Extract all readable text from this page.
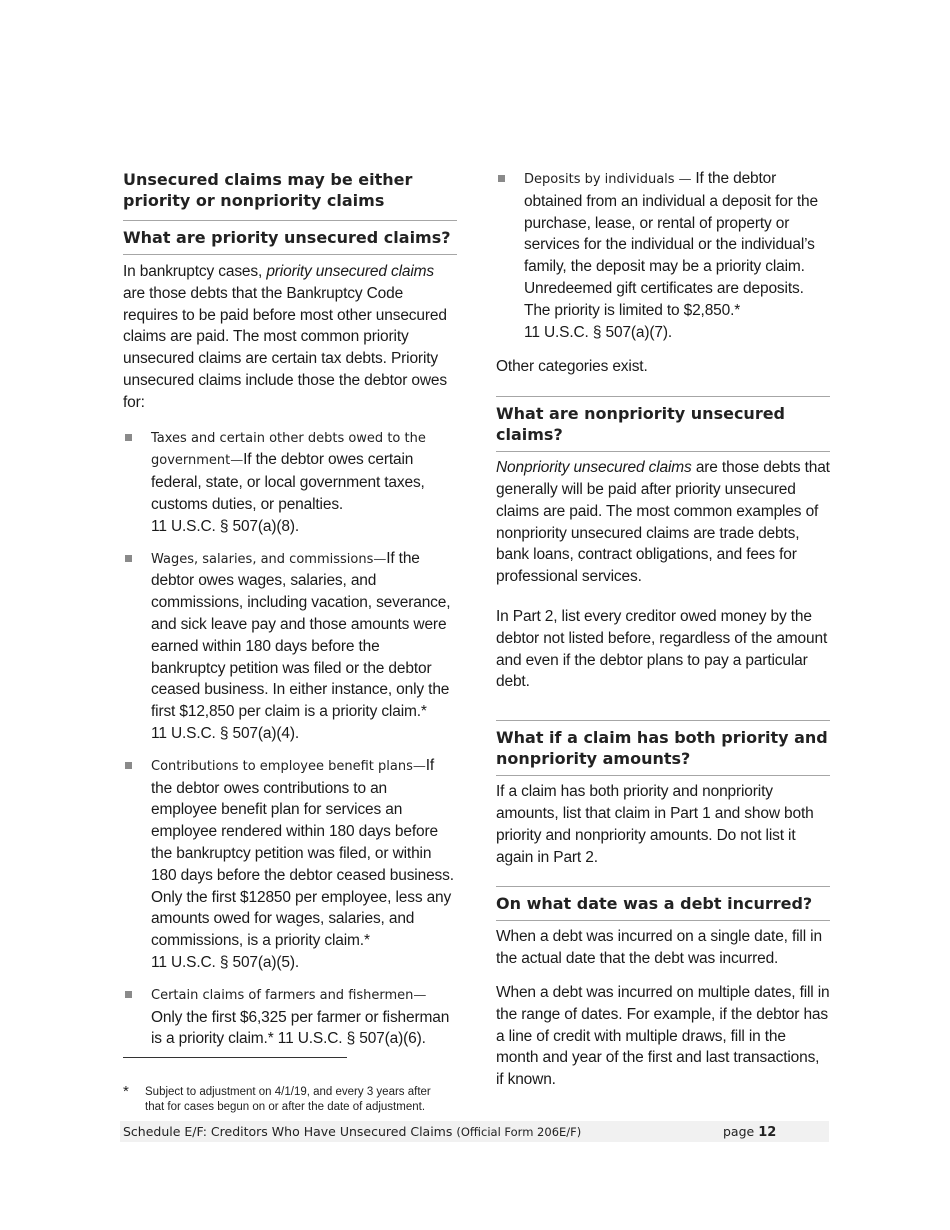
Unsecured claims may be either priority or nonpriority claims
What are priority unsecured claims?

In bankruptcy cases, priority unsecured claims are those debts that the Bankruptcy Code requires to be paid before most other unsecured claims are paid. The most common priority unsecured claims are certain tax debts. Priority unsecured claims include those the debtor owes for:

Taxes and certain other debts owed to the government—If the debtor owes certain federal, state, or local government taxes, customs duties, or penalties.
11 U.S.C. § 507(a)(8).
Wages, salaries, and commissions—If the debtor owes wages, salaries, and commissions, including vacation, severance, and sick leave pay and those amounts were earned within 180 days before the bankruptcy petition was filed or the debtor ceased business. In either instance, only the first $12,850 per claim is a priority claim.*
11 U.S.C. § 507(a)(4).
Contributions to employee benefit plans—If the debtor owes contributions to an employee benefit plan for services an employee rendered within 180 days before the bankruptcy petition was filed, or within 180 days before the debtor ceased business. Only the first $12850 per employee, less any amounts owed for wages, salaries, and commissions, is a priority claim.*
11 U.S.C. § 507(a)(5).
Certain claims of farmers and fishermen—Only the first $6,325 per farmer or fisherman is a priority claim.* 11 U.S.C. § 507(a)(6).
Deposits by individuals — If the debtor obtained from an individual a deposit for the purchase, lease, or rental of property or services for the individual or the individual’s family, the deposit may be a priority claim. Unredeemed gift certificates are deposits. The priority is limited to $2,850.*
11 U.S.C. § 507(a)(7).

Other categories exist.

What are nonpriority unsecured claims?

Nonpriority unsecured claims are those debts that generally will be paid after priority unsecured claims are paid. The most common examples of nonpriority unsecured claims are trade debts, bank loans, contract obligations, and fees for professional services.

In Part 2, list every creditor owed money by the debtor not listed before, regardless of the amount and even if the debtor plans to pay a particular debt.

What if a claim has both priority and nonpriority amounts?

If a claim has both priority and nonpriority amounts, list that claim in Part 1 and show both priority and nonpriority amounts. Do not list it again in Part 2.

On what date was a debt incurred?

When a debt was incurred on a single date, fill in the actual date that the debt was incurred.

When a debt was incurred on multiple dates, fill in the range of dates. For example, if the debtor has a line of credit with multiple draws, fill in the month and year of the first and last transactions, if known.

*	Subject to adjustment on 4/1/19, and every 3 years after that for cases begun on or after the date of adjustment.
Schedule E/F: Creditors Who Have Unsecured Claims (Official Form 206E/F)	page 12
